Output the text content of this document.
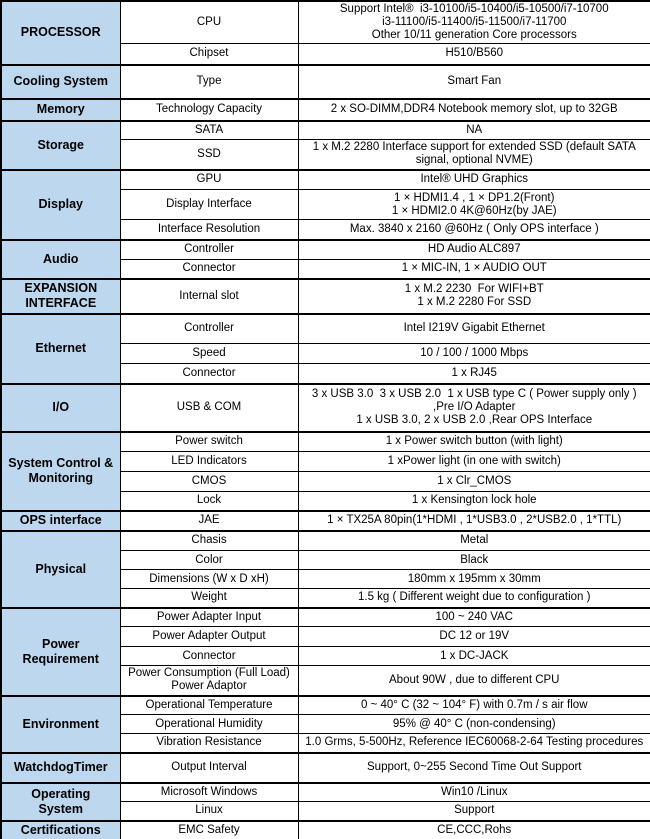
PROCESSOR	CPU	Support Intel®  i3-10100/i5-10400/i5-10500/i7-10700
i3-11100/i5-11400/i5-11500/i7-11700
Other 10/11 generation Core processors

	Chipset	H510/B560

Cooling System	Type	Smart Fan

Memory	Technology Capacity	2 x SO-DIMM,DDR4 Notebook memory slot, up to 32GB

Storage	SATA	NA

	SSD	1 x M.2 2280 Interface support for extended SSD (default SATA signal, optional NVME)

Display	GPU	Intel® UHD Graphics

	Display Interface	1 × HDMI1.4 , 1 × DP1.2(Front)
1 × HDMI2.0 4K@60Hz(by JAE)

	Interface Resolution	Max. 3840 x 2160 @60Hz ( Only OPS interface )

Audio	Controller	HD Audio ALC897

	Connector	1 × MIC-IN, 1 × AUDIO OUT

EXPANSION INTERFACE	Internal slot	1 x M.2 2230  For WIFI+BT
1 x M.2 2280 For SSD

Ethernet	Controller	Intel I219V Gigabit Ethernet

	Speed	10 / 100 / 1000 Mbps

	Connector	1 x RJ45

I/O	USB & COM	3 x USB 3.0  3 x USB 2.0  1 x USB type C ( Power supply only ) ,Pre I/O Adapter
1 x USB 3.0, 2 x USB 2.0 ,Rear OPS Interface

System Control & Monitoring	Power switch	1 x Power switch button (with light)

	LED Indicators	1 xPower light (in one with switch)

	CMOS	1 x Clr_CMOS

	Lock	1 x Kensington lock hole

OPS interface	JAE	1 × TX25A 80pin(1*HDMI , 1*USB3.0 , 2*USB2.0 , 1*TTL)

Physical	Chasis	Metal

	Color	Black

	Dimensions (W x D xH)	180mm x 195mm x 30mm

	Weight	1.5 kg ( Different weight due to configuration )

Power Requirement	Power Adapter Input	100 ~ 240 VAC

	Power Adapter Output	DC 12 or 19V

	Connector	1 x DC-JACK

	Power Consumption (Full Load) Power Adaptor	About 90W , due to different CPU

Environment	Operational Temperature	0 ~ 40° C (32 ~ 104° F) with 0.7m / s air flow

	Operational Humidity	95% @ 40° C (non-condensing)

	Vibration Resistance	1.0 Grms, 5-500Hz, Reference IEC60068-2-64 Testing procedures

WatchdogTimer	Output Interval	Support, 0~255 Second Time Out Support

Operating System	Microsoft Windows	Win10 /Linux

	Linux	Support

Certifications	EMC Safety	CE,CCC,Rohs
